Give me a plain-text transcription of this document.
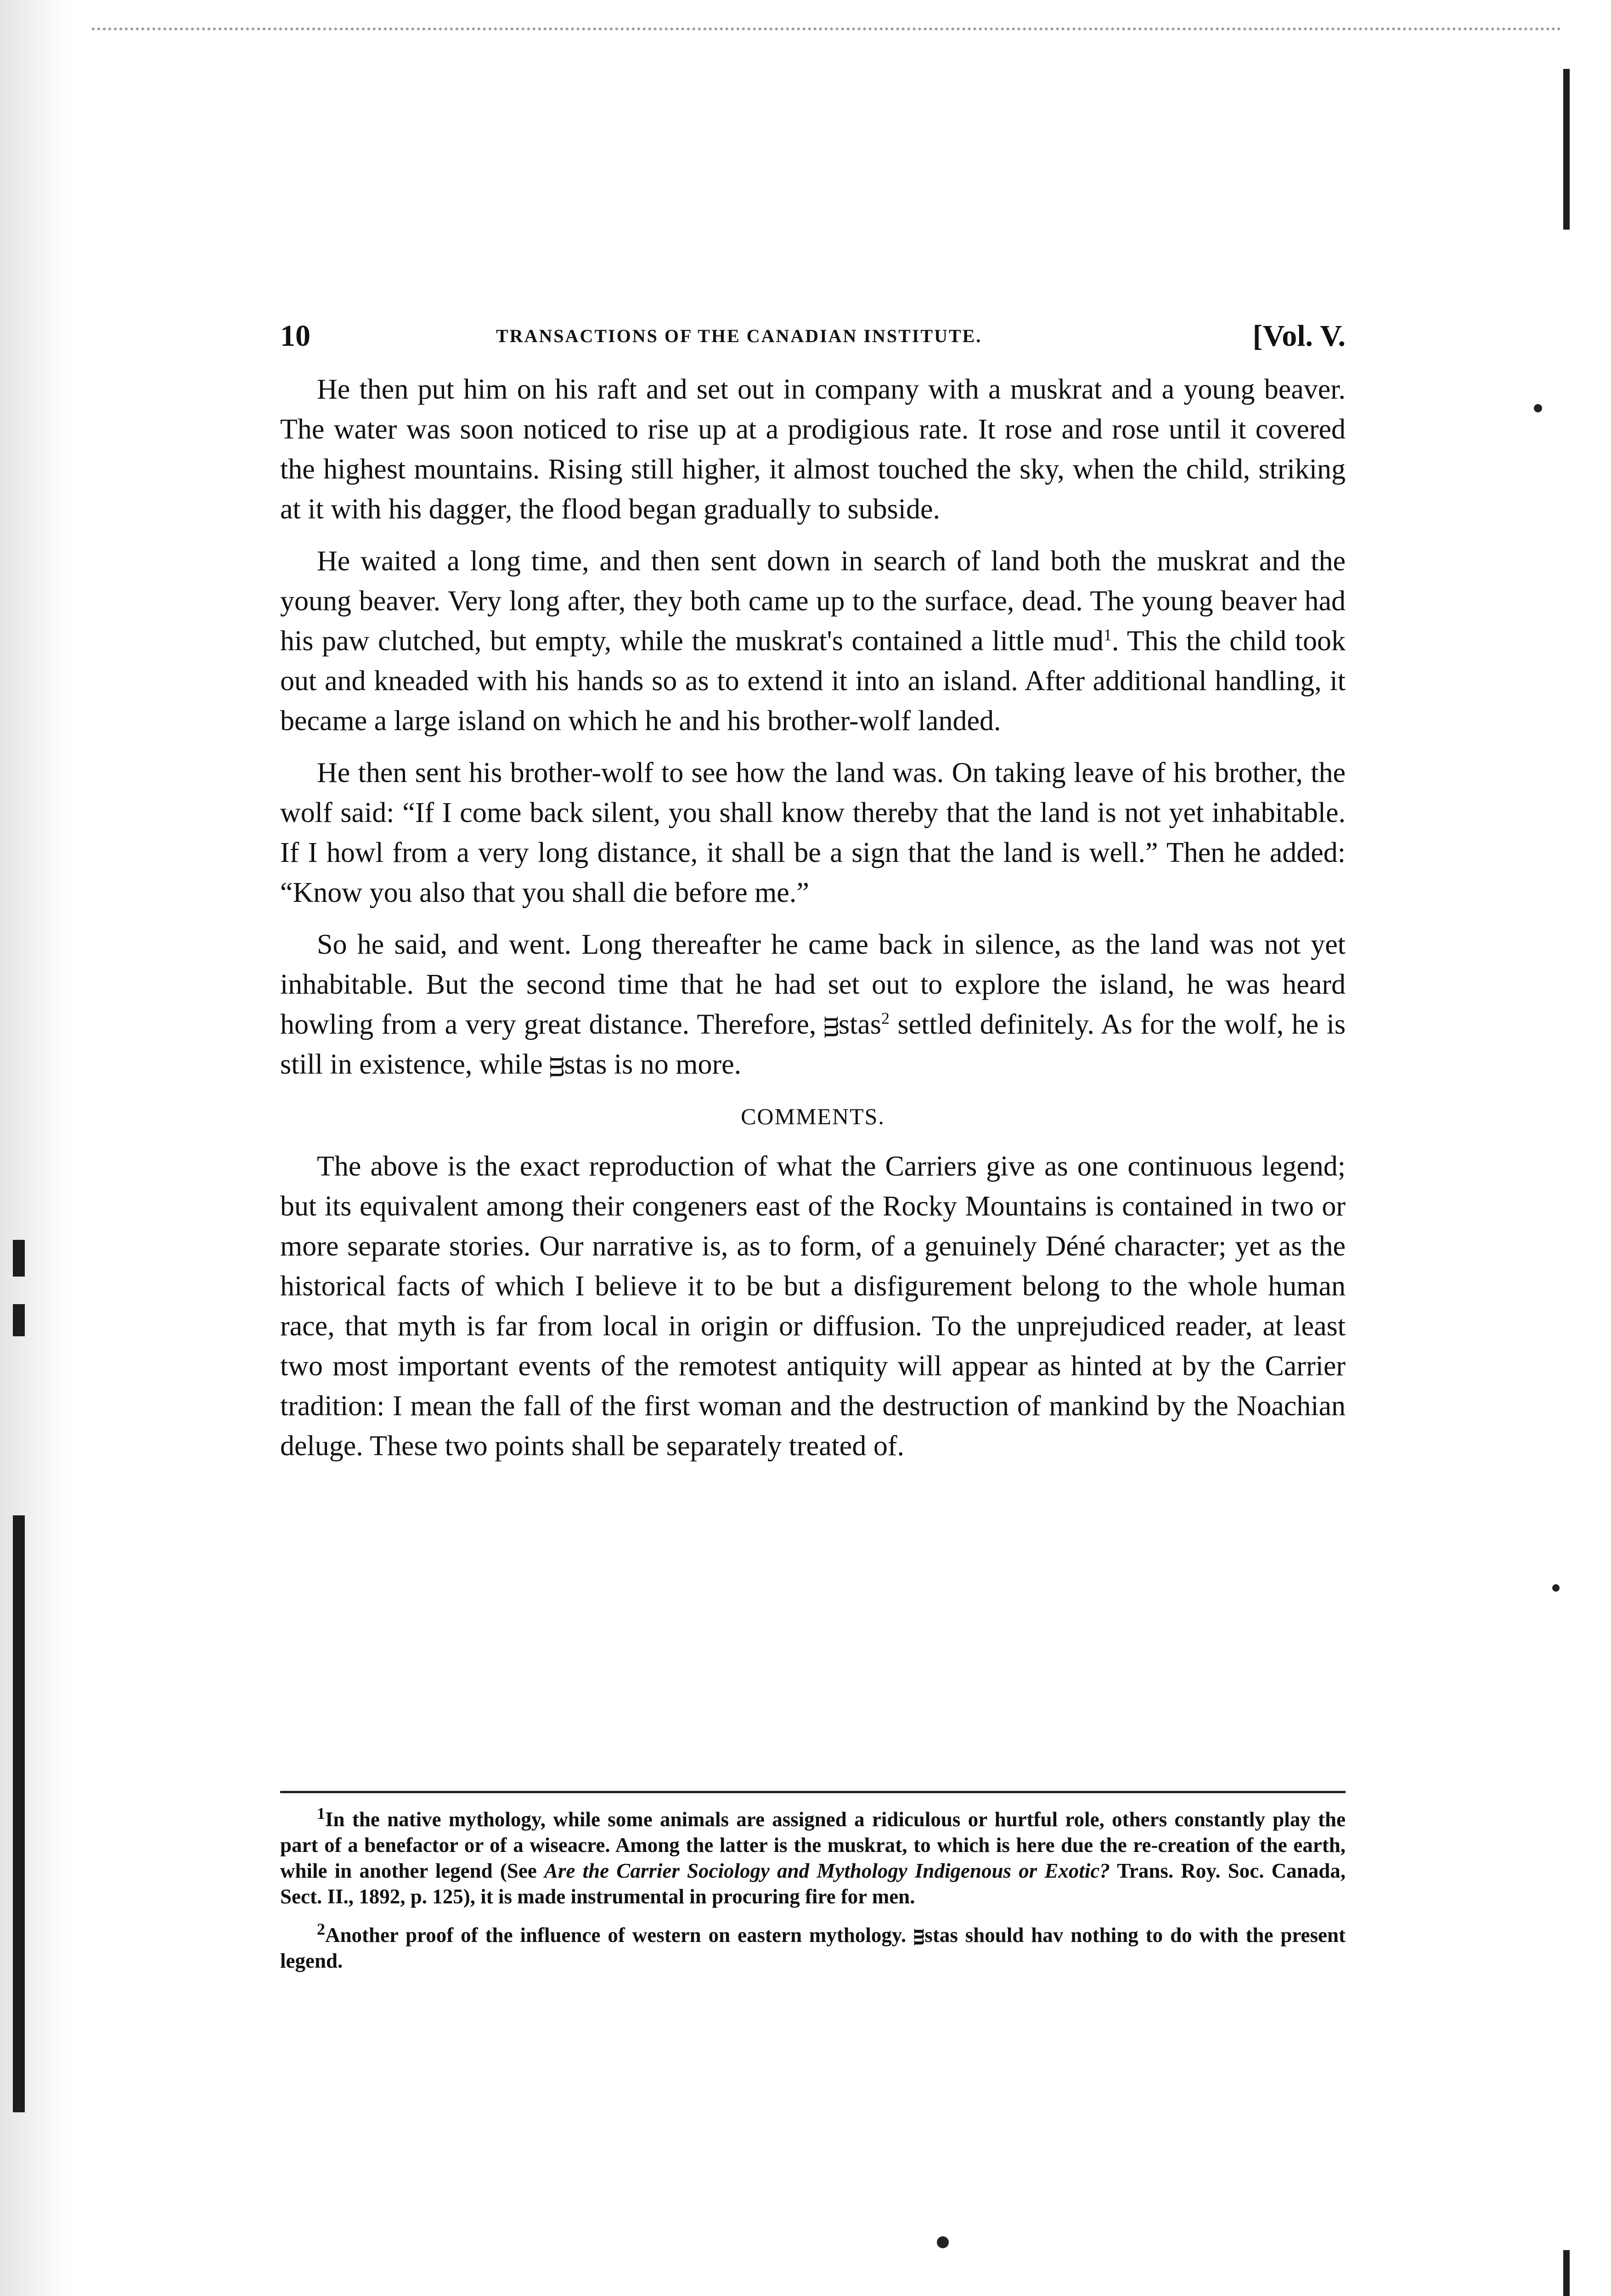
10	TRANSACTIONS OF THE CANADIAN INSTITUTE.	[Vol. V.

He then put him on his raft and set out in company with a muskrat and a young beaver. The water was soon noticed to rise up at a prodigious rate. It rose and rose until it covered the highest mountains. Rising still higher, it almost touched the sky, when the child, striking at it with his dagger, the flood began gradually to subside.

He waited a long time, and then sent down in search of land both the muskrat and the young beaver. Very long after, they both came up to the surface, dead. The young beaver had his paw clutched, but empty, while the muskrat's contained a little mud$^1$. This the child took out and kneaded with his hands so as to extend it into an island. After additional handling, it became a large island on which he and his brother-wolf landed.

He then sent his brother-wolf to see how the land was. On taking leave of his brother, the wolf said: “If I come back silent, you shall know thereby that the land is not yet inhabitable. If I howl from a very long distance, it shall be a sign that the land is well.” Then he added: “Know you also that you shall die before me.”

So he said, and went. Long thereafter he came back in silence, as the land was not yet inhabitable. But the second time that he had set out to explore the island, he was heard howling from a very great distance. Therefore, ᴟstas$^2$ settled definitely. As for the wolf, he is still in existence, while ᴟstas is no more.

COMMENTS.

The above is the exact reproduction of what the Carriers give as one continuous legend; but its equivalent among their congeners east of the Rocky Mountains is contained in two or more separate stories. Our narrative is, as to form, of a genuinely Déné character; yet as the historical facts of which I believe it to be but a disfigurement belong to the whole human race, that myth is far from local in origin or diffusion. To the unprejudiced reader, at least two most important events of the remotest antiquity will appear as hinted at by the Carrier tradition: I mean the fall of the first woman and the destruction of mankind by the Noachian deluge. These two points shall be separately treated of.

$^1$In the native mythology, while some animals are assigned a ridiculous or hurtful role, others constantly play the part of a benefactor or of a wiseacre. Among the latter is the muskrat, to which is here due the re-creation of the earth, while in another legend (See Are the Carrier Sociology and Mythology Indigenous or Exotic? Trans. Roy. Soc. Canada, Sect. II., 1892, p. 125), it is made instrumental in procuring fire for men.

$^2$Another proof of the influence of western on eastern mythology. ᴟstas should hav nothing to do with the present legend.
